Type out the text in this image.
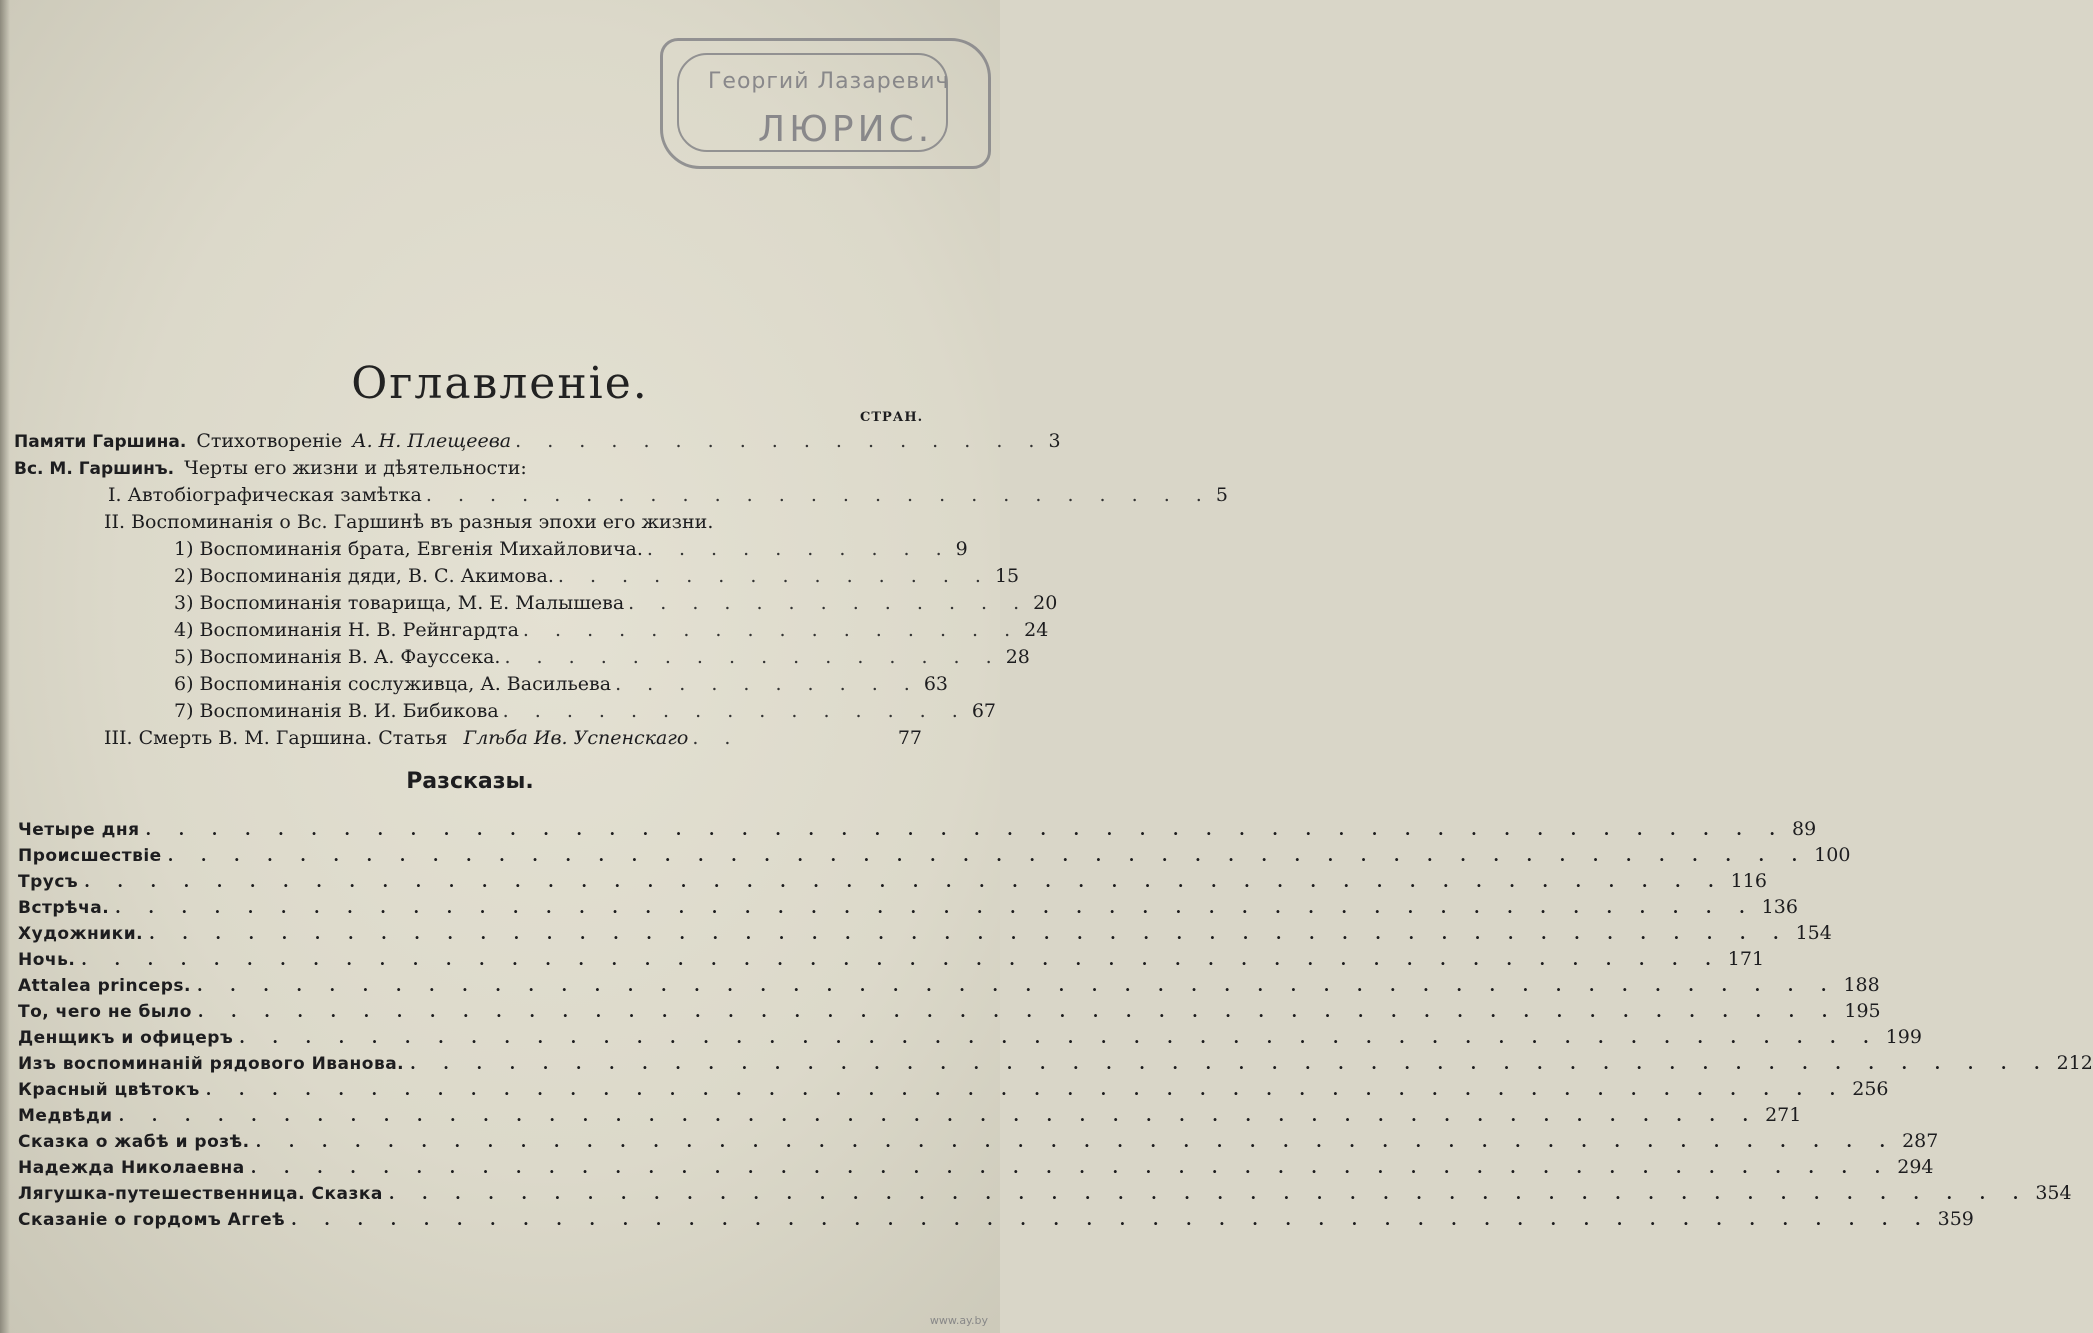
Георгий Лазаревич
ЛЮРИС.
Оглавленіе.
СТРАН.
Памяти Гаршина. Стихотвореніе А. Н. Плещеева . . . . . . . . . . . . . . . . . 3
Вс. М. Гаршинъ. Черты его жизни и дѣятельности:
I. Автобіографическая замѣтка . . . . . . . . . . . . . . . . . . . . . . . . . 5
II. Воспоминанія о Вс. Гаршинѣ въ разныя эпохи его жизни.
1) Воспоминанія брата, Евгенія Михайловича. . . . . . . . . . . 9
2) Воспоминанія дяди, В. С. Акимова. . . . . . . . . . . . . . . 15
3) Воспоминанія товарища, М. Е. Малышева . . . . . . . . . . . . . 20
4) Воспоминанія Н. В. Рейнгардта . . . . . . . . . . . . . . . . 24
5) Воспоминанія В. А. Фауссека. . . . . . . . . . . . . . . . . 28
6) Воспоминанія сослуживца, А. Васильева . . . . . . . . . . 63
7) Воспоминанія В. И. Бибикова . . . . . . . . . . . . . . . 67
III. Смерть В. М. Гаршина. Статья Глѣба Ив. Успенскаго . .	77
Разсказы.
Четыре дня . . . . . . . . . . . . . . . . . . . . . . . . . . . . . . . . . . . . . . . . . . . . . . . . . . 89
Происшествіе . . . . . . . . . . . . . . . . . . . . . . . . . . . . . . . . . . . . . . . . . . . . . . . . . . 100
Трусъ . . . . . . . . . . . . . . . . . . . . . . . . . . . . . . . . . . . . . . . . . . . . . . . . . . 116
Встрѣча. . . . . . . . . . . . . . . . . . . . . . . . . . . . . . . . . . . . . . . . . . . . . . . . . . . 136
Художники. . . . . . . . . . . . . . . . . . . . . . . . . . . . . . . . . . . . . . . . . . . . . . . . . . . 154
Ночь. . . . . . . . . . . . . . . . . . . . . . . . . . . . . . . . . . . . . . . . . . . . . . . . . . . 171
Attalea princeps. . . . . . . . . . . . . . . . . . . . . . . . . . . . . . . . . . . . . . . . . . . . . . . . . . . 188
То, чего не было . . . . . . . . . . . . . . . . . . . . . . . . . . . . . . . . . . . . . . . . . . . . . . . . . . 195
Денщикъ и офицеръ . . . . . . . . . . . . . . . . . . . . . . . . . . . . . . . . . . . . . . . . . . . . . . . . . . 199
Изъ воспоминаній рядового Иванова. . . . . . . . . . . . . . . . . . . . . . . . . . . . . . . . . . . . . . . . . . . . . . . . . . . 212
Красный цвѣтокъ . . . . . . . . . . . . . . . . . . . . . . . . . . . . . . . . . . . . . . . . . . . . . . . . . . 256
Медвѣди . . . . . . . . . . . . . . . . . . . . . . . . . . . . . . . . . . . . . . . . . . . . . . . . . . 271
Сказка о жабѣ и розѣ. . . . . . . . . . . . . . . . . . . . . . . . . . . . . . . . . . . . . . . . . . . . . . . . . . . 287
Надежда Николаевна . . . . . . . . . . . . . . . . . . . . . . . . . . . . . . . . . . . . . . . . . . . . . . . . . . 294
Лягушка-путешественница. Сказка . . . . . . . . . . . . . . . . . . . . . . . . . . . . . . . . . . . . . . . . . . . . . . . . . . 354
Сказаніе о гордомъ Аггеѣ . . . . . . . . . . . . . . . . . . . . . . . . . . . . . . . . . . . . . . . . . . . . . . . . . . 359
www.ay.by
